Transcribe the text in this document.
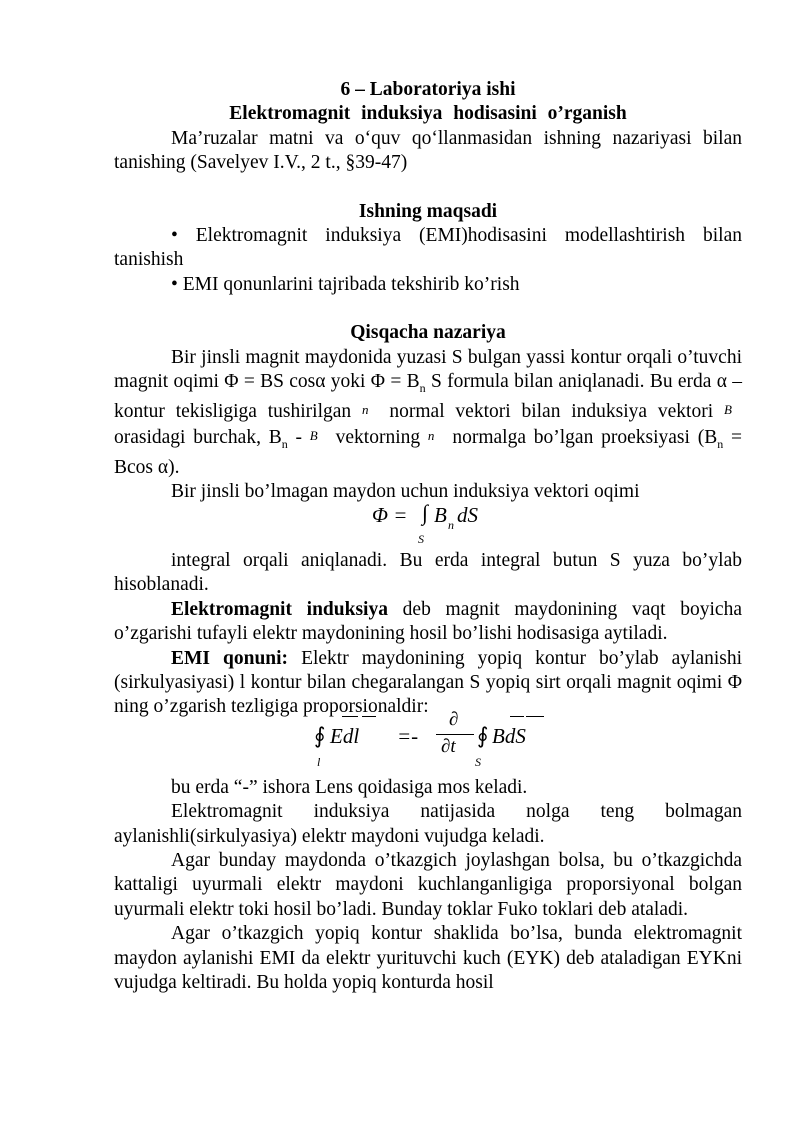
6 – Laboratoriya ishi
Elektromagnit induksiya hodisasini o’rganish
Ma’ruzalar matni va o‘quv qo‘llanmasidan ishning nazariyasi bilan tanishing (Savelyev I.V., 2 t., §39-47)
Ishning maqsadi
• Elektromagnit induksiya (EMI)hodisasini modellashtirish bilan tanishish
• EMI qonunlarini tajribada tekshirib ko’rish
Qisqacha nazariya
Bir jinsli magnit maydonida yuzasi S bulgan yassi kontur orqali o’tuvchi magnit oqimi Φ = BS cosα yoki $\Phi = B_n$ S formula bilan aniqlanadi. Bu erda α – kontur tekisligiga tushirilgan n⃗ normal vektori bilan induksiya vektori B⃗ orasidagi burchak, $B_n$ - B⃗ vektorning n⃗ normalga bo’lgan proeksiyasi ($B_n = Bcos$ α).
Bir jinsli bo’lmagan maydon uchun induksiya vektori oqimi
Φ = ∫ B n dS
S
integral orqali aniqlanadi. Bu erda integral butun S yuza bo’ylab hisoblanadi.
Elektromagnit induksiya deb magnit maydonining vaqt boyicha o’zgarishi tufayli elektr maydonining hosil bo’lishi hodisasiga aytiladi.
EMI qonuni: Elektr maydonining yopiq kontur bo’ylab aylanishi (sirkulyasiyasi) l kontur bilan chegaralangan S yopiq sirt orqali magnit oqimi Φ ning o’zgarish tezligiga proporsionaldir:
∮ Edl =-
∂
∂t ∮ BdS
l	S
bu erda “-” ishora Lens qoidasiga mos keladi.
Elektromagnit induksiya natijasida nolga teng bolmagan aylanishli(sirkulyasiya) elektr maydoni vujudga keladi.
Agar bunday maydonda o’tkazgich joylashgan bolsa, bu o’tkazgichda kattaligi uyurmali elektr maydoni kuchlanganligiga proporsiyonal bolgan uyurmali elektr toki hosil bo’ladi. Bunday toklar Fuko toklari deb ataladi.
Agar o’tkazgich yopiq kontur shaklida bo’lsa, bunda elektromagnit maydon aylanishi EMI da elektr yurituvchi kuch (EYK) deb ataladigan EYKni vujudga keltiradi. Bu holda yopiq konturda hosil
